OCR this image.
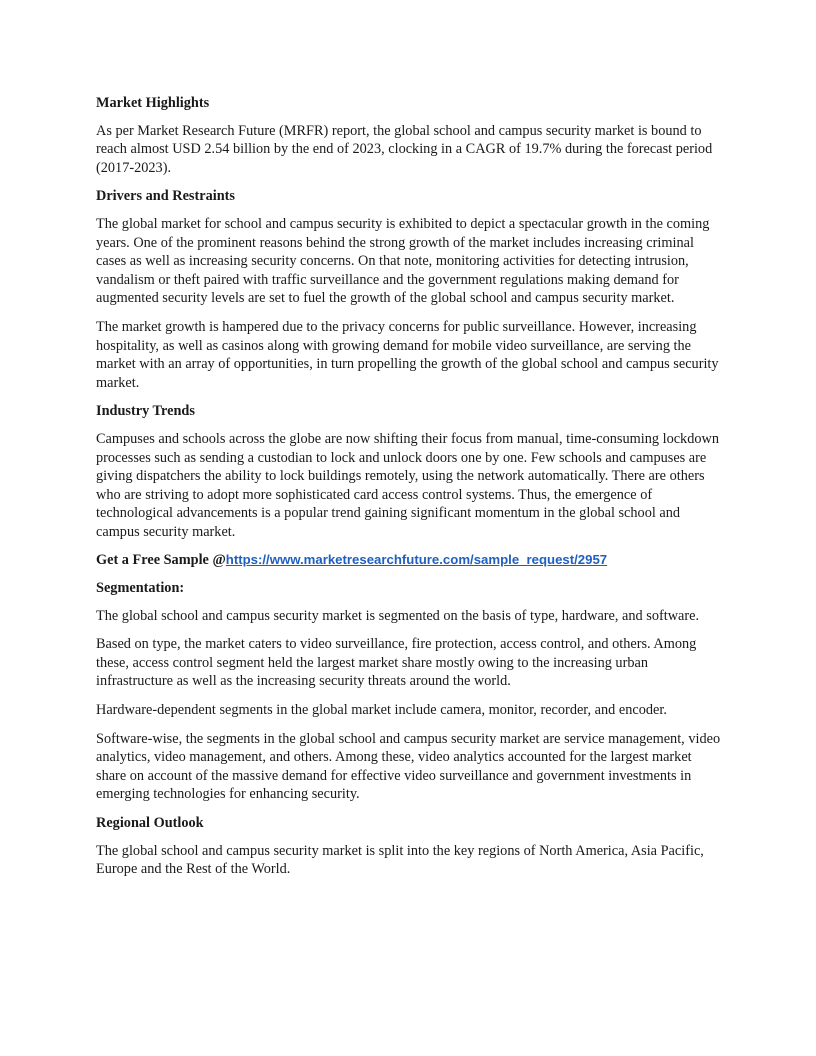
Market Highlights

As per Market Research Future (MRFR) report, the global school and campus security market is bound to reach almost USD 2.54 billion by the end of 2023, clocking in a CAGR of 19.7% during the forecast period (2017-2023).

Drivers and Restraints

The global market for school and campus security is exhibited to depict a spectacular growth in the coming years. One of the prominent reasons behind the strong growth of the market includes increasing criminal cases as well as increasing security concerns. On that note, monitoring activities for detecting intrusion, vandalism or theft paired with traffic surveillance and the government regulations making demand for augmented security levels are set to fuel the growth of the global school and campus security market.

The market growth is hampered due to the privacy concerns for public surveillance. However, increasing hospitality, as well as casinos along with growing demand for mobile video surveillance, are serving the market with an array of opportunities, in turn propelling the growth of the global school and campus security market.

Industry Trends

Campuses and schools across the globe are now shifting their focus from manual, time-consuming lockdown processes such as sending a custodian to lock and unlock doors one by one. Few schools and campuses are giving dispatchers the ability to lock buildings remotely, using the network automatically. There are others who are striving to adopt more sophisticated card access control systems. Thus, the emergence of technological advancements is a popular trend gaining significant momentum in the global school and campus security market.

Get a Free Sample @https://www.marketresearchfuture.com/sample_request/2957
Segmentation:

The global school and campus security market is segmented on the basis of type, hardware, and software.

Based on type, the market caters to video surveillance, fire protection, access control, and others. Among these, access control segment held the largest market share mostly owing to the increasing urban infrastructure as well as the increasing security threats around the world.

Hardware-dependent segments in the global market include camera, monitor, recorder, and encoder.

Software-wise, the segments in the global school and campus security market are service management, video analytics, video management, and others. Among these, video analytics accounted for the largest market share on account of the massive demand for effective video surveillance and government investments in emerging technologies for enhancing security.

Regional Outlook

The global school and campus security market is split into the key regions of North America, Asia Pacific, Europe and the Rest of the World.
